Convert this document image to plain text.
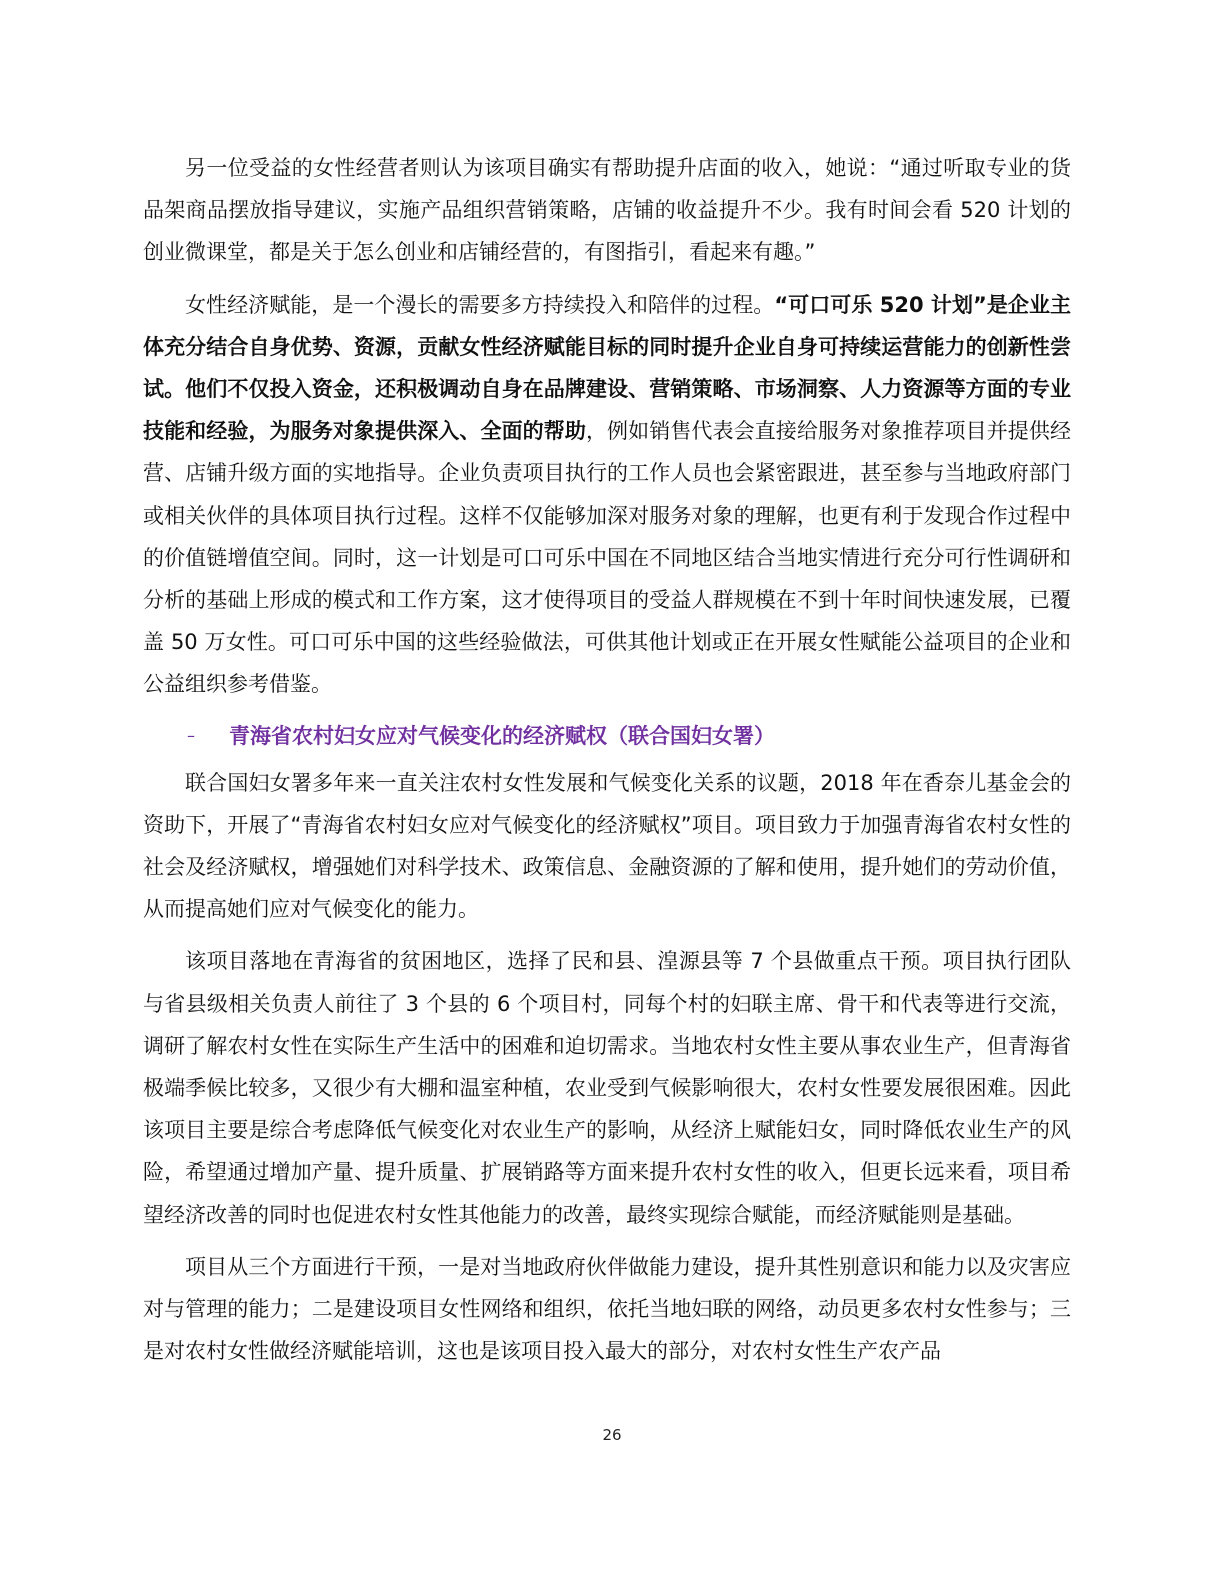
另一位受益的女性经营者则认为该项目确实有帮助提升店面的收入，她说：“通过听取专业的货品架商品摆放指导建议，实施产品组织营销策略，店铺的收益提升不少。我有时间会看 520 计划的创业微课堂，都是关于怎么创业和店铺经营的，有图指引，看起来有趣。”

女性经济赋能，是一个漫长的需要多方持续投入和陪伴的过程。“可口可乐 520 计划”是企业主体充分结合自身优势、资源，贡献女性经济赋能目标的同时提升企业自身可持续运营能力的创新性尝试。他们不仅投入资金，还积极调动自身在品牌建设、营销策略、市场洞察、人力资源等方面的专业技能和经验，为服务对象提供深入、全面的帮助，例如销售代表会直接给服务对象推荐项目并提供经营、店铺升级方面的实地指导。企业负责项目执行的工作人员也会紧密跟进，甚至参与当地政府部门或相关伙伴的具体项目执行过程。这样不仅能够加深对服务对象的理解，也更有利于发现合作过程中的价值链增值空间。同时，这一计划是可口可乐中国在不同地区结合当地实情进行充分可行性调研和分析的基础上形成的模式和工作方案，这才使得项目的受益人群规模在不到十年时间快速发展，已覆盖 50 万女性。可口可乐中国的这些经验做法，可供其他计划或正在开展女性赋能公益项目的企业和公益组织参考借鉴。

– 青海省农村妇女应对气候变化的经济赋权（联合国妇女署）

联合国妇女署多年来一直关注农村女性发展和气候变化关系的议题，2018 年在香奈儿基金会的资助下，开展了“青海省农村妇女应对气候变化的经济赋权”项目。项目致力于加强青海省农村女性的社会及经济赋权，增强她们对科学技术、政策信息、金融资源的了解和使用，提升她们的劳动价值，从而提高她们应对气候变化的能力。

该项目落地在青海省的贫困地区，选择了民和县、湟源县等 7 个县做重点干预。项目执行团队与省县级相关负责人前往了 3 个县的 6 个项目村，同每个村的妇联主席、骨干和代表等进行交流，调研了解农村女性在实际生产生活中的困难和迫切需求。当地农村女性主要从事农业生产，但青海省极端季候比较多，又很少有大棚和温室种植，农业受到气候影响很大，农村女性要发展很困难。因此该项目主要是综合考虑降低气候变化对农业生产的影响，从经济上赋能妇女，同时降低农业生产的风险，希望通过增加产量、提升质量、扩展销路等方面来提升农村女性的收入，但更长远来看，项目希望经济改善的同时也促进农村女性其他能力的改善，最终实现综合赋能，而经济赋能则是基础。

项目从三个方面进行干预，一是对当地政府伙伴做能力建设，提升其性别意识和能力以及灾害应对与管理的能力；二是建设项目女性网络和组织，依托当地妇联的网络，动员更多农村女性参与；三是对农村女性做经济赋能培训，这也是该项目投入最大的部分，对农村女性生产农产品

26
